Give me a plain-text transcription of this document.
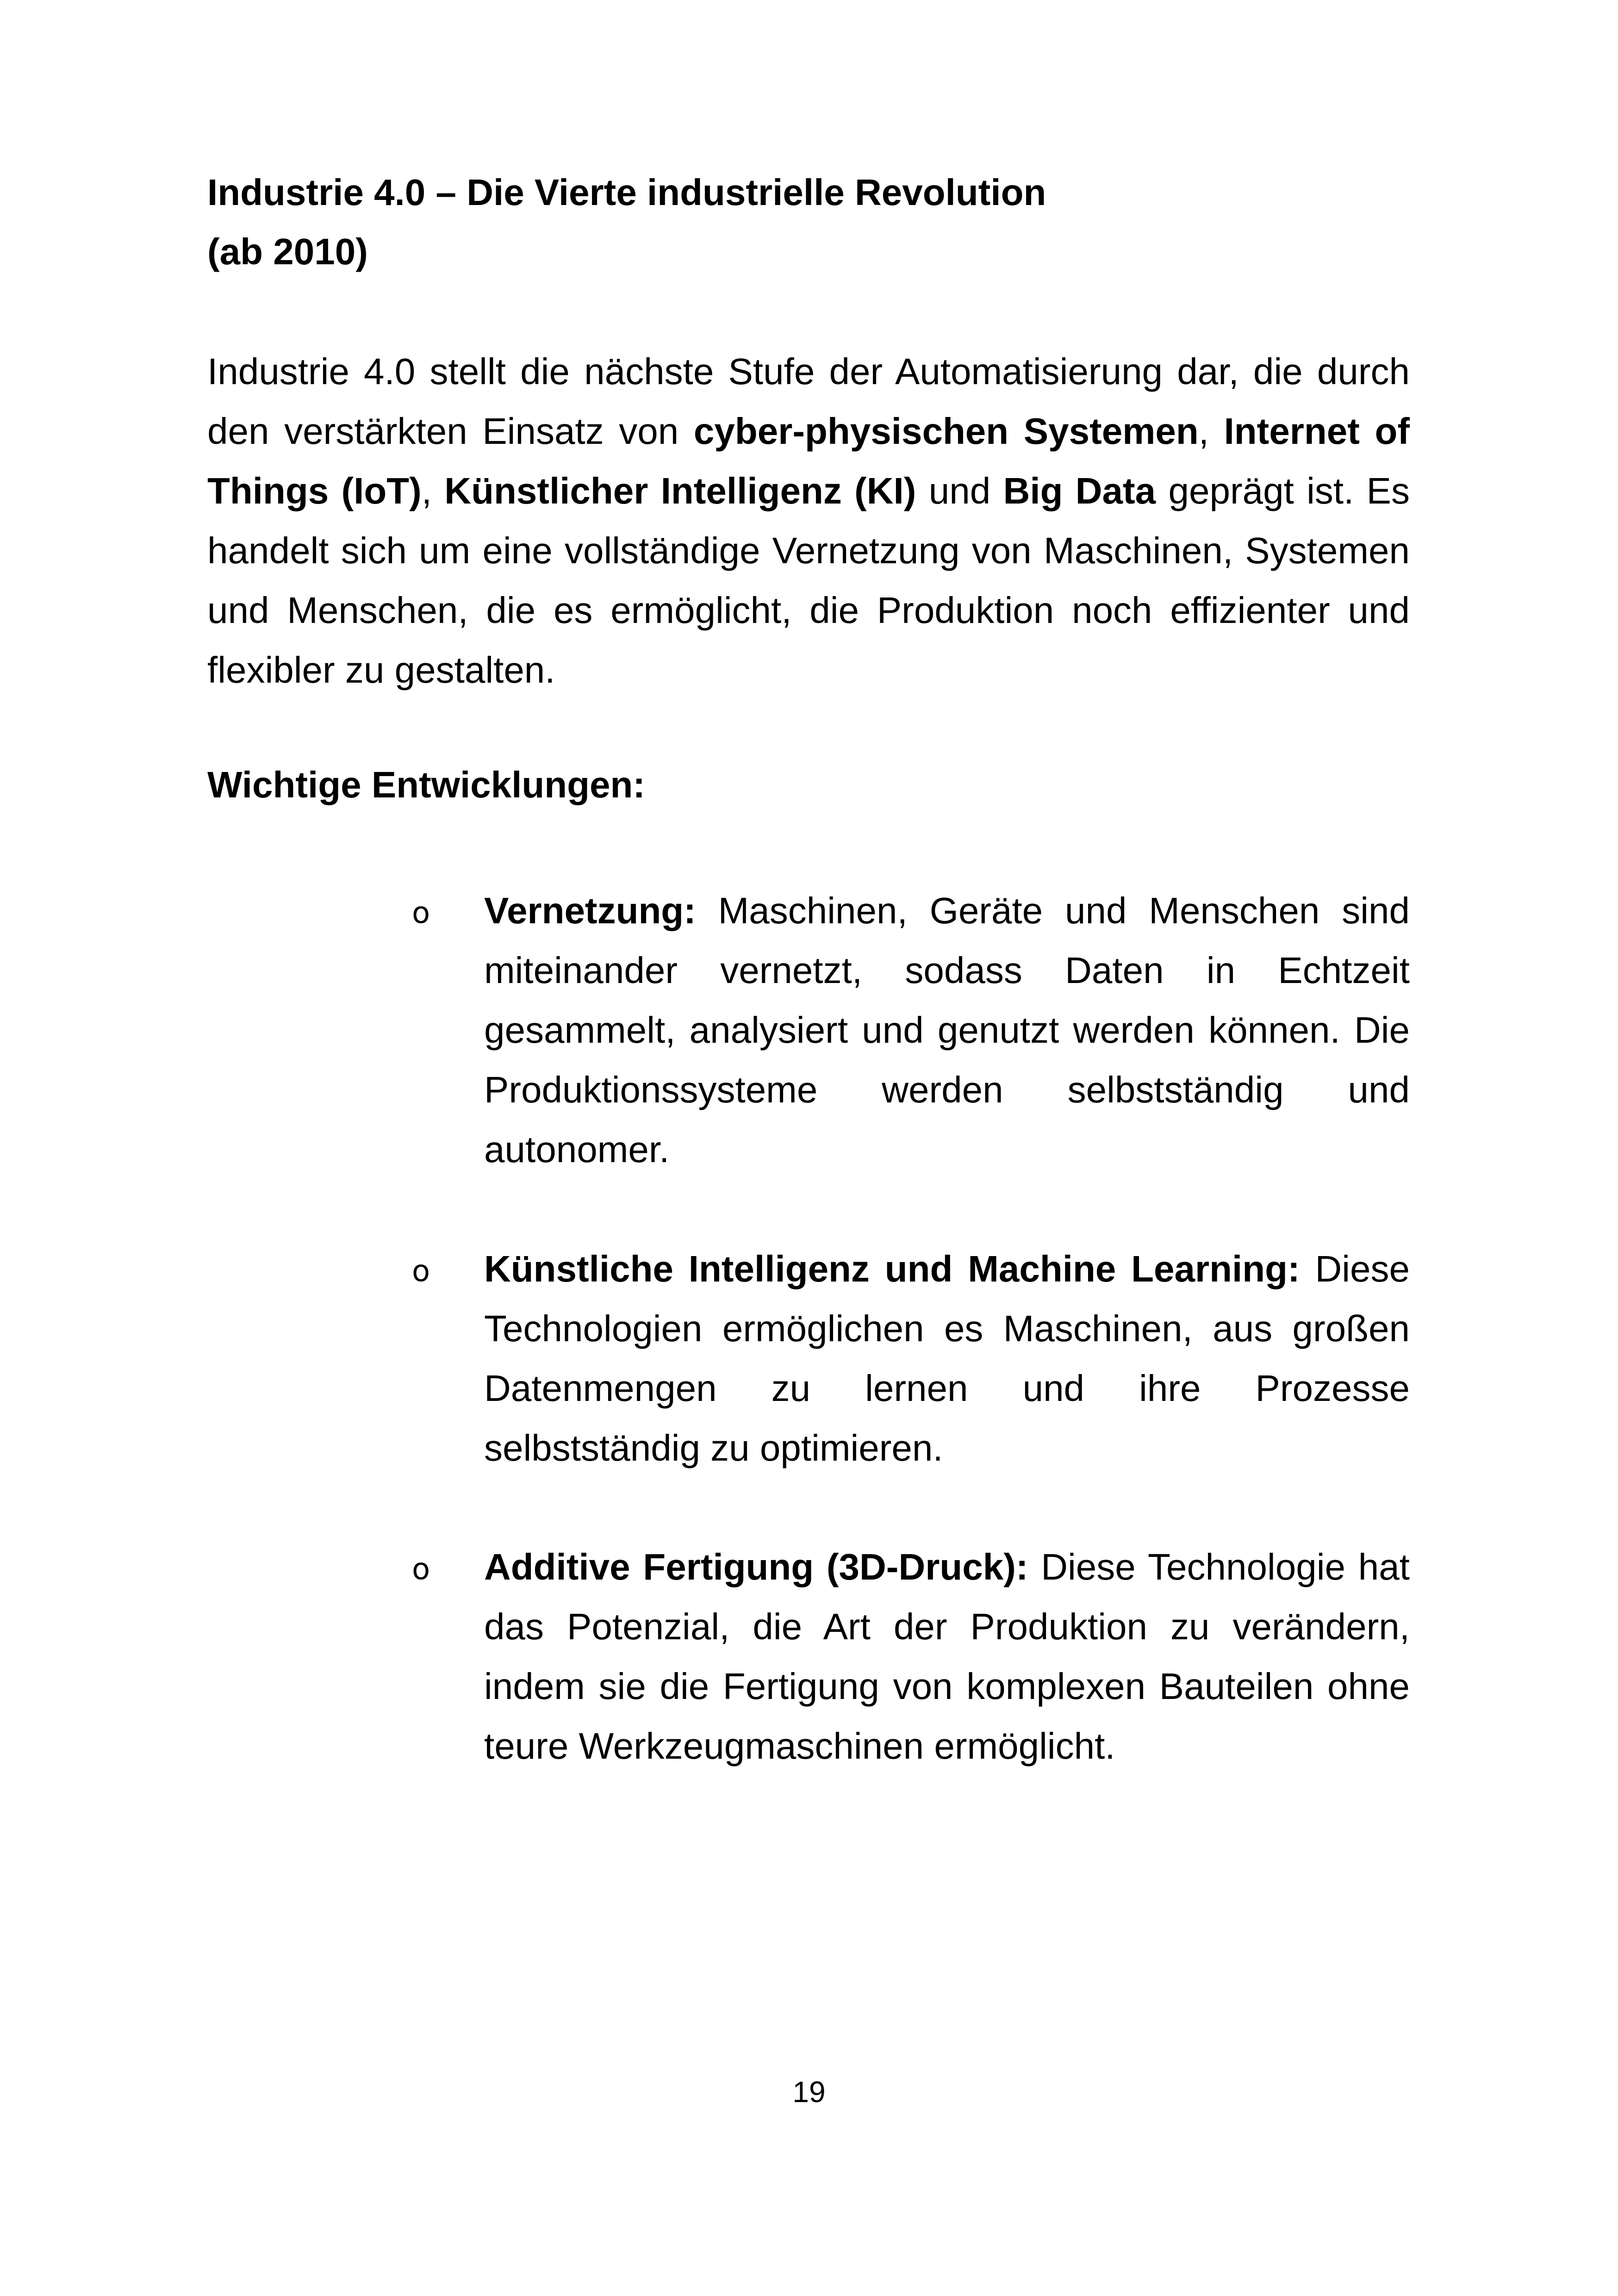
Industrie 4.0 – Die Vierte industrielle Revolution
(ab 2010)

Industrie 4.0 stellt die nächste Stufe der Automatisierung dar, die durch den verstärkten Einsatz von cyber-physischen Systemen, Internet of Things (IoT), Künstlicher Intelligenz (KI) und Big Data geprägt ist. Es handelt sich um eine vollständige Vernetzung von Maschinen, Systemen und Menschen, die es ermöglicht, die Produktion noch effizienter und flexibler zu gestalten.

Wichtige Entwicklungen:
o	Vernetzung: Maschinen, Geräte und Menschen sind miteinander vernetzt, sodass Daten in Echtzeit gesammelt, analysiert und genutzt werden können. Die Produktionssysteme werden selbstständig und autonomer.
o	Künstliche Intelligenz und Machine Learning: Diese Technologien ermöglichen es Maschinen, aus großen Datenmengen zu lernen und ihre Prozesse selbstständig zu optimieren.
o	Additive Fertigung (3D-Druck): Diese Technologie hat das Potenzial, die Art der Produktion zu verändern, indem sie die Fertigung von komplexen Bauteilen ohne teure Werkzeugmaschinen ermöglicht.
19
